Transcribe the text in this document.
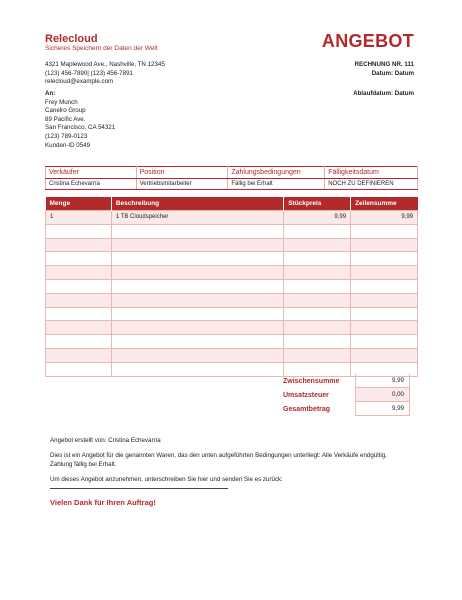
Relecloud
Sicheres Speichern der Daten der Welt	ANGEBOT
4321 Maplewood Ave., Nashville, TN 12345
(123) 456-7890| (123) 456-7891
relecloud@example.com
RECHNUNG NR. 111
Datum: Datum
An:
Frey Munch
Canelro Group
89 Pacific Ave.
San Francisco, CA 54321
(123) 789-0123
Kunden-ID 0549
Ablaufdatum: Datum
Verkäufer	Position	Zahlungsbedingungen	Fälligkeitsdatum
Cristina Echevarría	Vertriebsmitarbeiter	Fällig bei Erhalt	NOCH ZU DEFINIEREN
Menge	Beschreibung	Stückpreis	Zeilensumme
1	1 TB Cloudspeicher	9,99	9,99

Zwischensumme	9,99
Umsatzsteuer	0,00
Gesamtbetrag	9,99

Angebot erstellt von: Cristina Echevarría

Dies ist ein Angebot für die genannten Waren, das den unten aufgeführten Bedingungen unterliegt: Alle Verkäufe endgültig, Zahlung fällig bei Erhalt.

Um dieses Angebot anzunehmen, unterschreiben Sie hier und senden Sie es zurück:

Vielen Dank für Ihren Auftrag!
